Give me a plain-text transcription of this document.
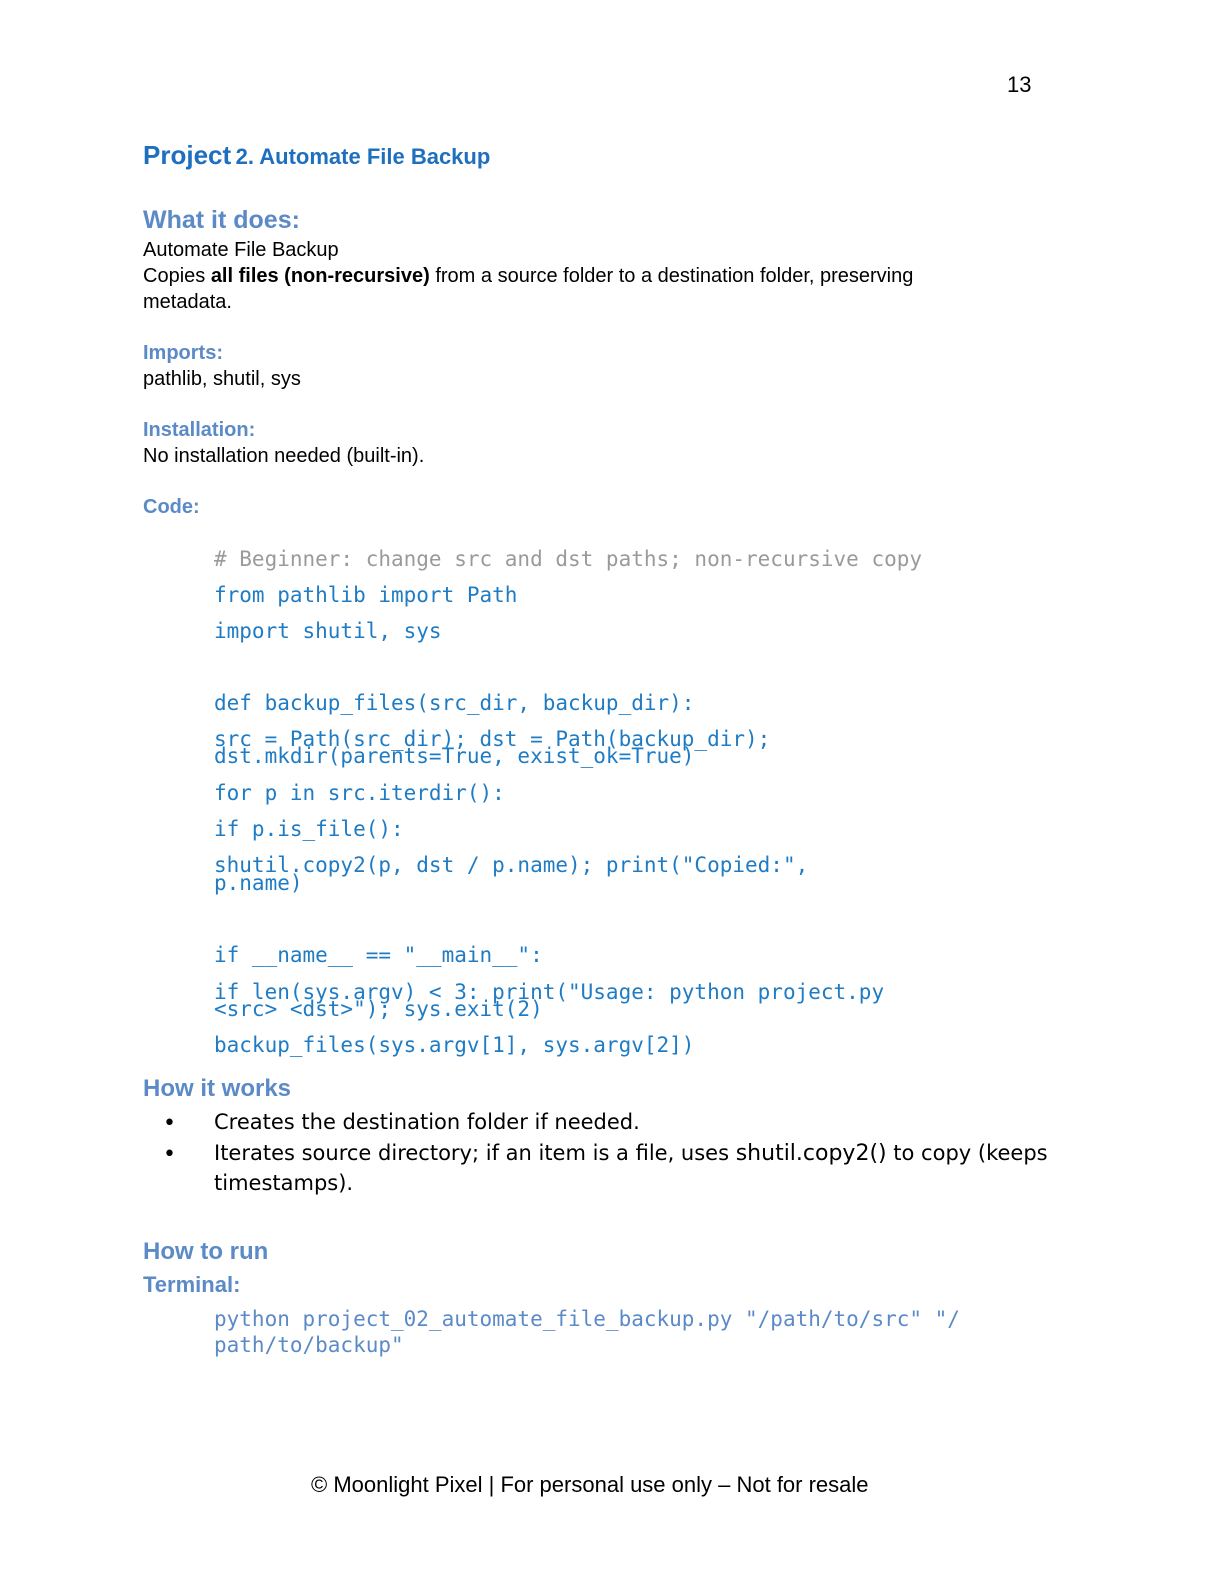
13
Project 2. Automate File Backup
What it does:
Automate File Backup
Copies all files (non-recursive) from a source folder to a destination folder, preserving
metadata.
Imports:
pathlib, shutil, sys
Installation:
No installation needed (built-in).
Code:
# Beginner: change src and dst paths; non-recursive copy
from pathlib import Path
import shutil, sys
def backup_files(src_dir, backup_dir):
src = Path(src_dir); dst = Path(backup_dir);
dst.mkdir(parents=True, exist_ok=True)
for p in src.iterdir():
if p.is_file():
shutil.copy2(p, dst / p.name); print("Copied:",
p.name)
if __name__ == "__main__":
if len(sys.argv) < 3: print("Usage: python project.py
<src> <dst>"); sys.exit(2)
backup_files(sys.argv[1], sys.argv[2])
How it works
• Creates the destination folder if needed.
• Iterates source directory; if an item is a file, uses shutil.copy2() to copy (keeps
timestamps).
How to run
Terminal:
python project_02_automate_file_backup.py "/path/to/src" "/
path/to/backup"
© Moonlight Pixel | For personal use only – Not for resale
